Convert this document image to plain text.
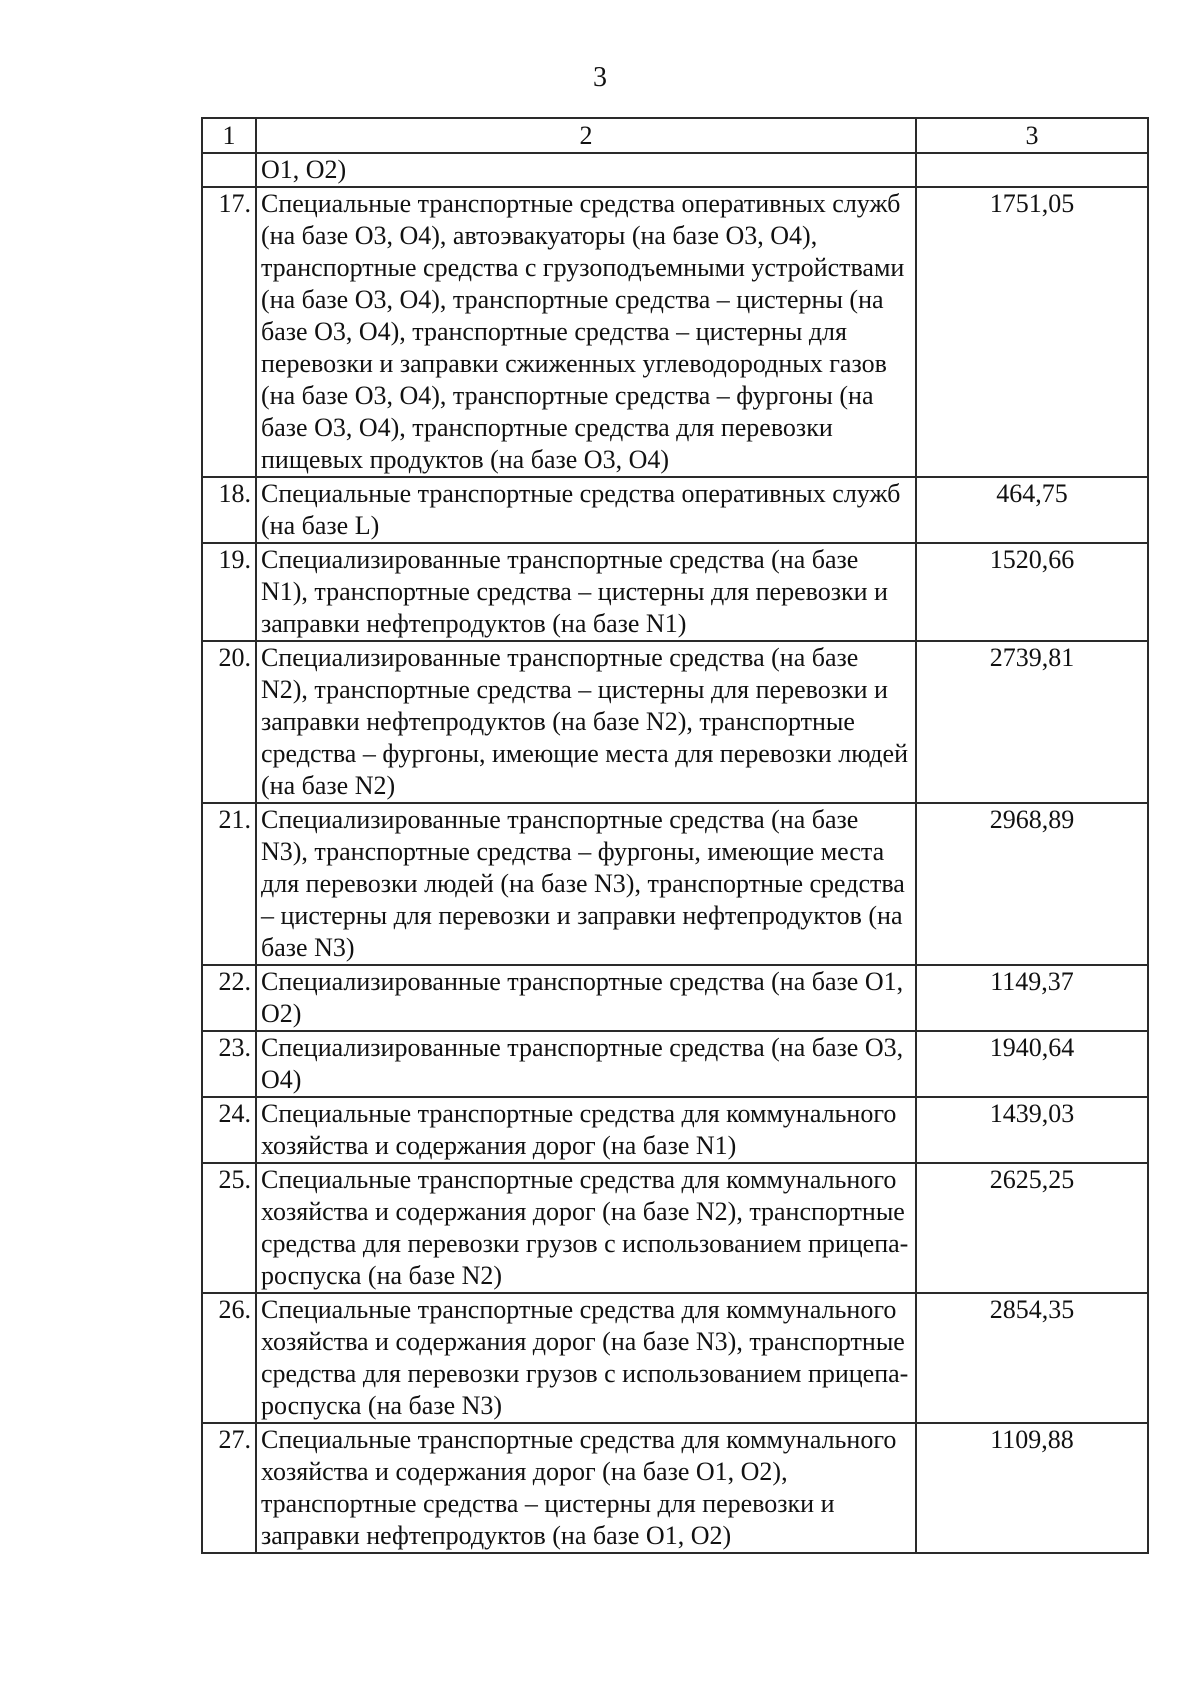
3
1	2	3
	О1, О2)	
17.	Специальные транспортные средства оперативных служб (на базе О3, О4), автоэвакуаторы (на базе О3, О4), транспортные средства с грузоподъемными устройствами (на базе О3, О4), транспортные средства – цистерны (на базе О3, О4), транспортные средства – цистерны для перевозки и заправки сжиженных углеводородных газов (на базе О3, О4), транспортные средства – фургоны (на базе О3, О4), транспортные средства для перевозки пищевых продуктов (на базе О3, О4)	1751,05
18.	Специальные транспортные средства оперативных служб (на базе L)	464,75
19.	Специализированные транспортные средства (на базе N1), транспортные средства – цистерны для перевозки и заправки нефтепродуктов (на базе N1)	1520,66
20.	Специализированные транспортные средства (на базе N2), транспортные средства – цистерны для перевозки и заправки нефтепродуктов (на базе N2), транспортные средства – фургоны, имеющие места для перевозки людей (на базе N2)	2739,81
21.	Специализированные транспортные средства (на базе N3), транспортные средства – фургоны, имеющие места для перевозки людей (на базе N3), транспортные средства – цистерны для перевозки и заправки нефтепродуктов (на базе N3)	2968,89
22.	Специализированные транспортные средства (на базе О1, О2)	1149,37
23.	Специализированные транспортные средства (на базе О3, О4)	1940,64
24.	Специальные транспортные средства для коммунального хозяйства и содержания дорог (на базе N1)	1439,03
25.	Специальные транспортные средства для коммунального хозяйства и содержания дорог (на базе N2), транспортные средства для перевозки грузов с использованием прицепа-роспуска (на базе N2)	2625,25
26.	Специальные транспортные средства для коммунального хозяйства и содержания дорог (на базе N3), транспортные средства для перевозки грузов с использованием прицепа-роспуска (на базе N3)	2854,35
27.	Специальные транспортные средства для коммунального хозяйства и содержания дорог (на базе О1, О2), транспортные средства – цистерны для перевозки и заправки нефтепродуктов (на базе О1, О2)	1109,88
